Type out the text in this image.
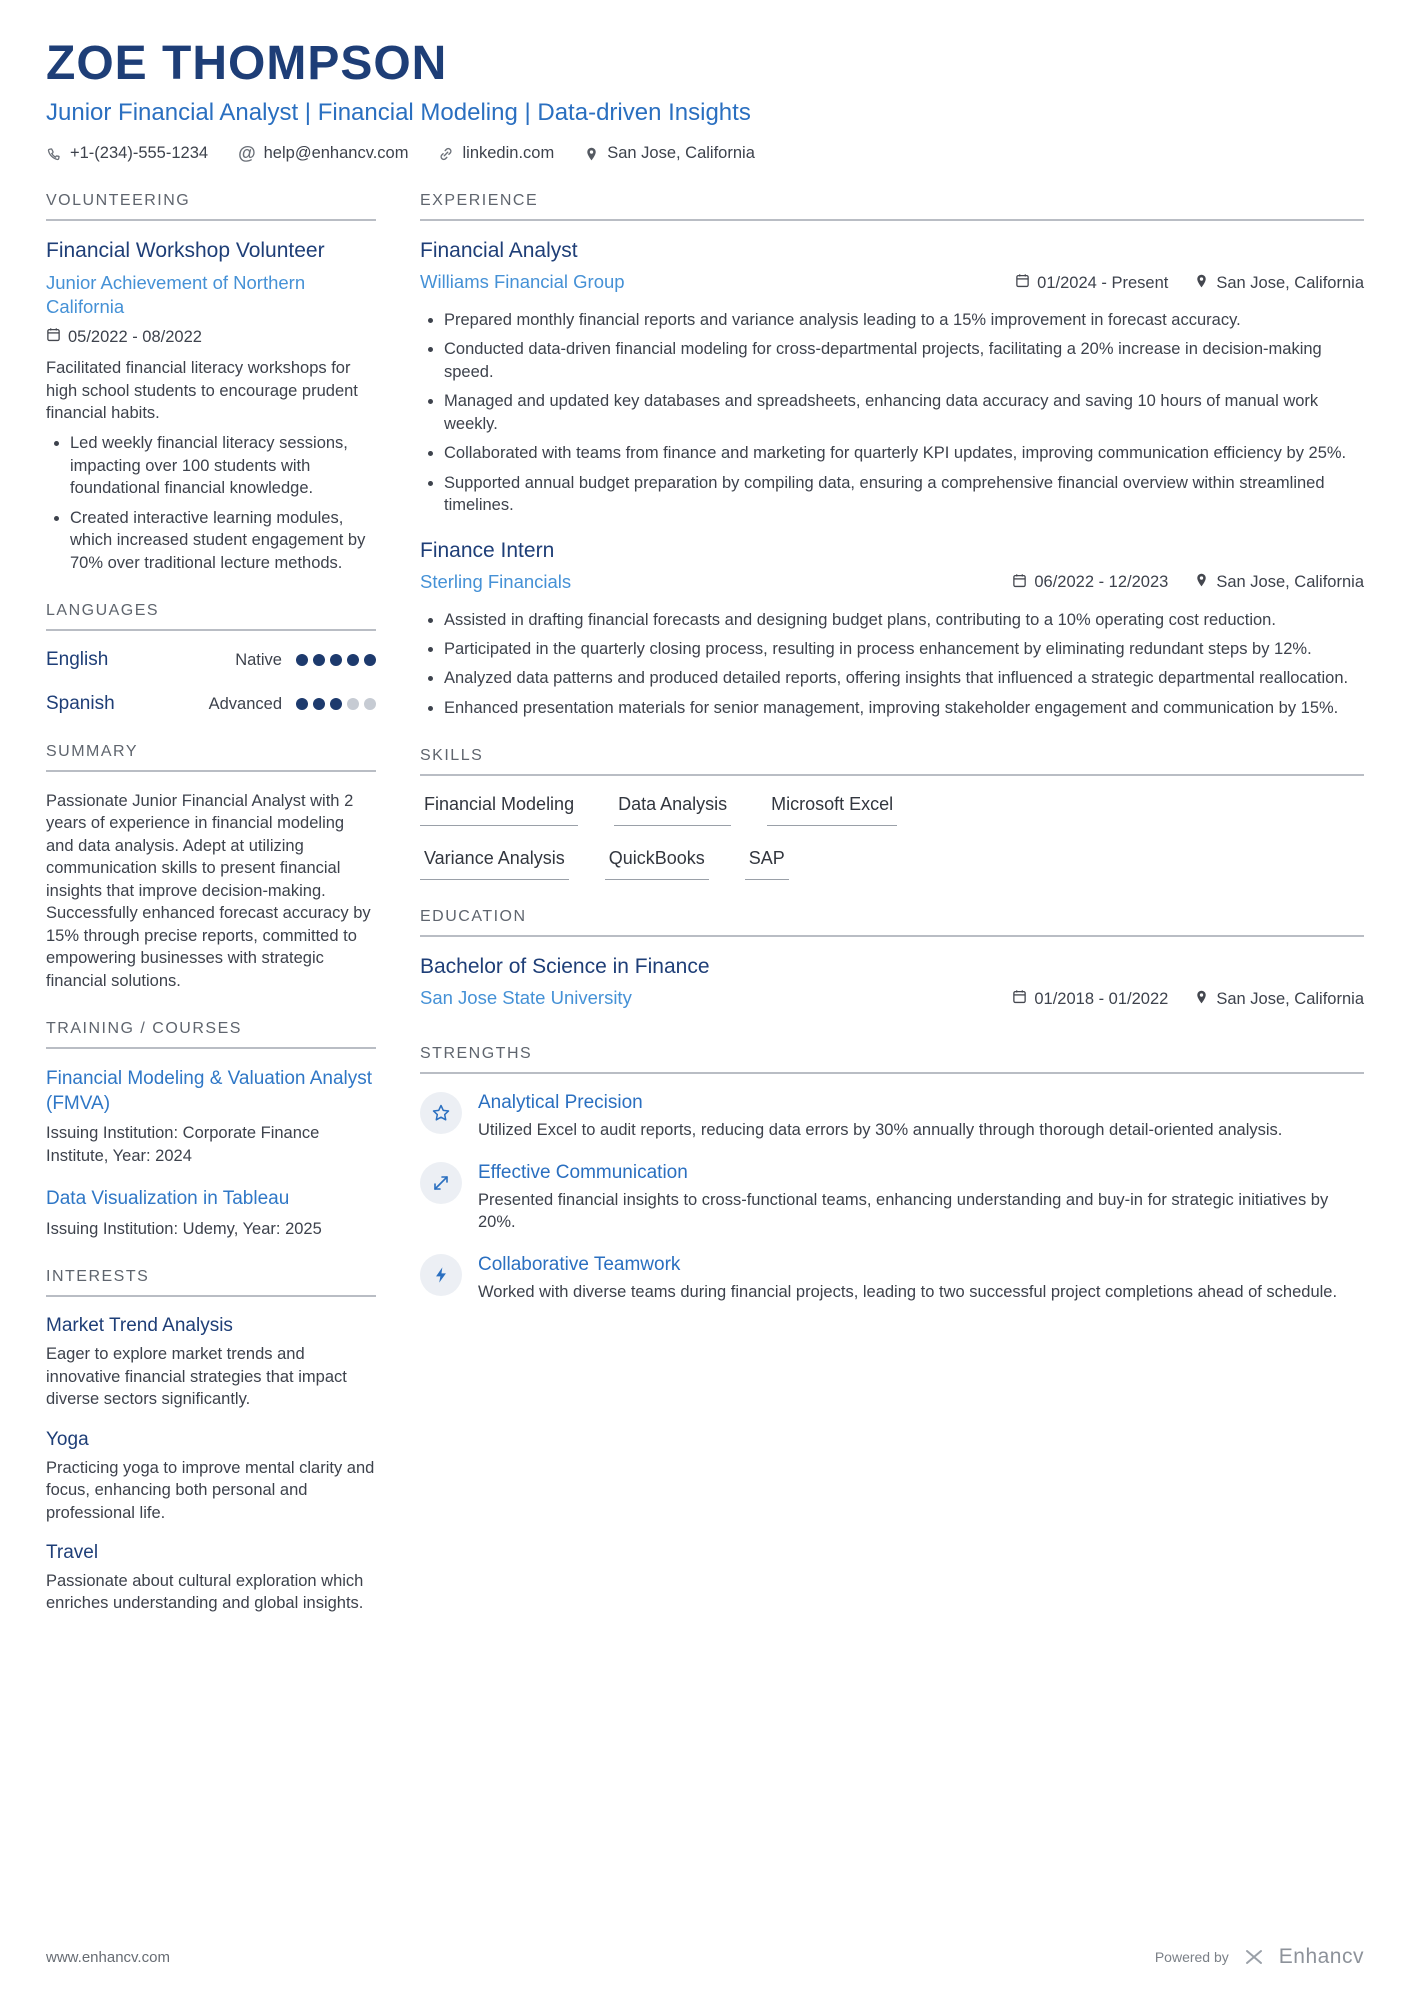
ZOE THOMPSON
Junior Financial Analyst | Financial Modeling | Data-driven Insights
+1-(234)-555-1234 @ help@enhancv.com	linkedin.com	San Jose, California
VOLUNTEERING
Financial Workshop Volunteer
Junior Achievement of Northern California
05/2022 - 08/2022
Facilitated financial literacy workshops for high school students to encourage prudent financial habits.
• Led weekly financial literacy sessions, impacting over 100 students with foundational financial knowledge.
• Created interactive learning modules, which increased student engagement by 70% over traditional lecture methods.
LANGUAGES
English	Native
Spanish	Advanced
SUMMARY
Passionate Junior Financial Analyst with 2 years of experience in financial modeling and data analysis. Adept at utilizing communication skills to present financial insights that improve decision-making. Successfully enhanced forecast accuracy by 15% through precise reports, committed to empowering businesses with strategic financial solutions.
TRAINING / COURSES
Financial Modeling & Valuation Analyst (FMVA)
Issuing Institution: Corporate Finance Institute, Year: 2024
Data Visualization in Tableau
Issuing Institution: Udemy, Year: 2025
INTERESTS
Market Trend Analysis
Eager to explore market trends and innovative financial strategies that impact diverse sectors significantly.
Yoga
Practicing yoga to improve mental clarity and focus, enhancing both personal and professional life.
Travel
Passionate about cultural exploration which enriches understanding and global insights.
EXPERIENCE
Financial Analyst
Williams Financial Group	01/2024 - Present	San Jose, California
• Prepared monthly financial reports and variance analysis leading to a 15% improvement in forecast accuracy.
• Conducted data-driven financial modeling for cross-departmental projects, facilitating a 20% increase in decision-making speed.
• Managed and updated key databases and spreadsheets, enhancing data accuracy and saving 10 hours of manual work weekly.
• Collaborated with teams from finance and marketing for quarterly KPI updates, improving communication efficiency by 25%.
• Supported annual budget preparation by compiling data, ensuring a comprehensive financial overview within streamlined timelines.
Finance Intern
Sterling Financials	06/2022 - 12/2023	San Jose, California
• Assisted in drafting financial forecasts and designing budget plans, contributing to a 10% operating cost reduction.
• Participated in the quarterly closing process, resulting in process enhancement by eliminating redundant steps by 12%.
• Analyzed data patterns and produced detailed reports, offering insights that influenced a strategic departmental reallocation.
• Enhanced presentation materials for senior management, improving stakeholder engagement and communication by 15%.
SKILLS
Financial Modeling Data Analysis Microsoft Excel
Variance Analysis QuickBooks SAP
EDUCATION
Bachelor of Science in Finance
San Jose State University	01/2018 - 01/2022	San Jose, California
STRENGTHS
Analytical Precision
Utilized Excel to audit reports, reducing data errors by 30% annually through thorough detail-oriented analysis.
Effective Communication
Presented financial insights to cross-functional teams, enhancing understanding and buy-in for strategic initiatives by 20%.
Collaborative Teamwork
Worked with diverse teams during financial projects, leading to two successful project completions ahead of schedule.
www.enhancv.com	Powered by Enhancv
